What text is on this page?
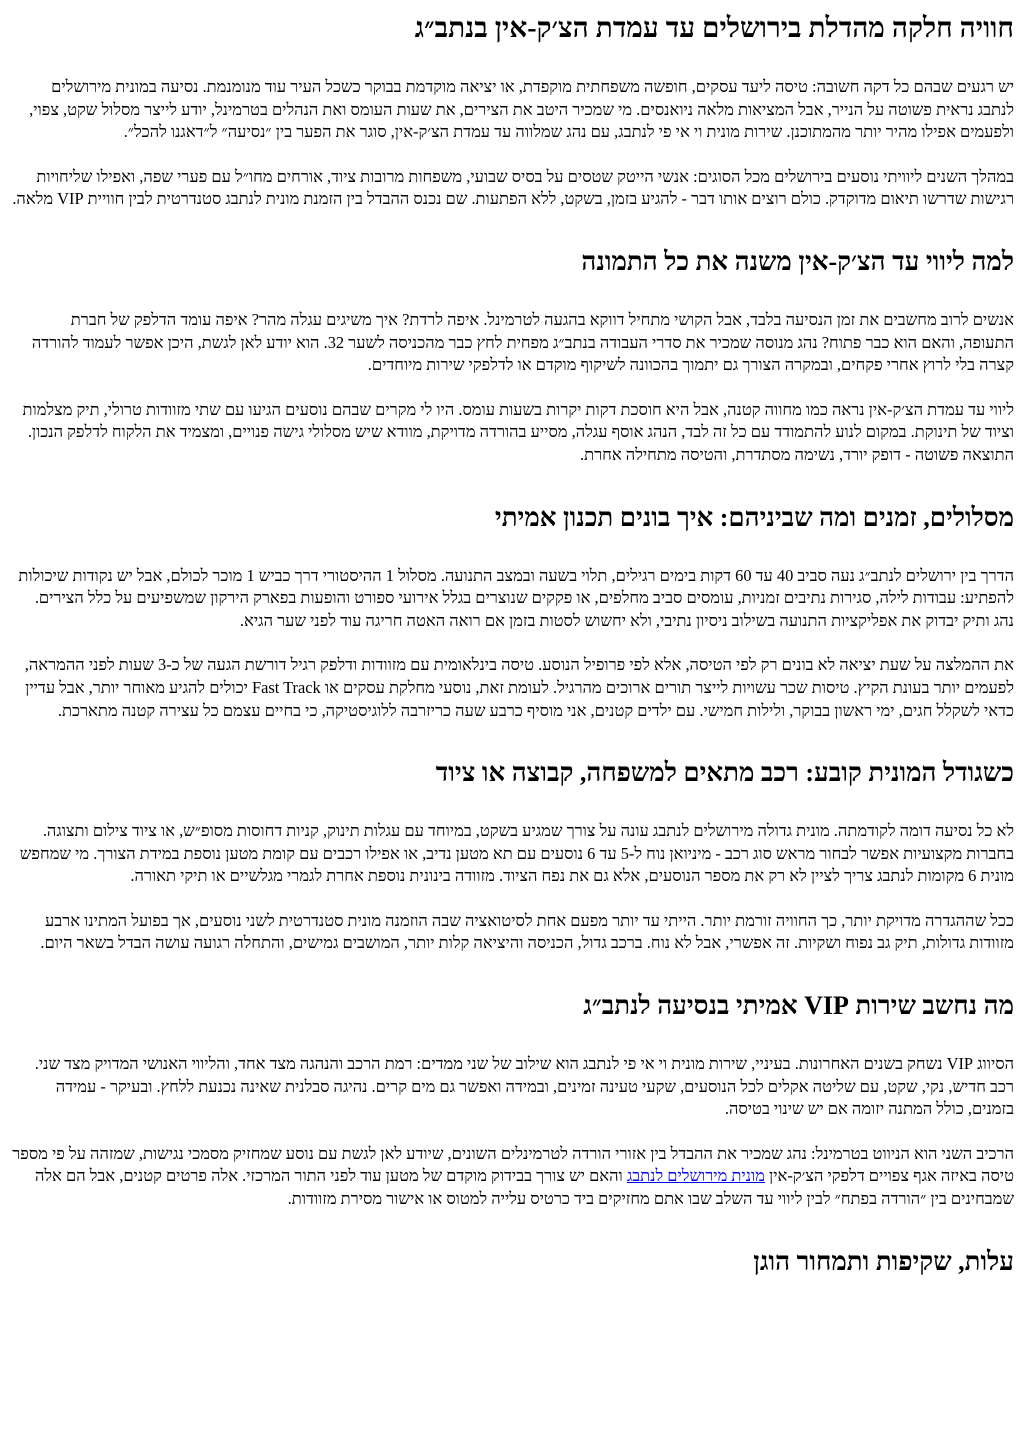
חוויה חלקה מהדלת בירושלים עד עמדת הצ׳ק-אין בנתב״ג

יש רגעים שבהם כל דקה חשובה: טיסה ליעד עסקים, חופשה משפחתית מוקפדת, או יציאה מוקדמת בבוקר כשכל העיר עוד מנומנמת. נסיעה במונית מירושלים לנתבג נראית פשוטה על הנייר, אבל המציאות מלאה ניואנסים. מי שמכיר היטב את הצירים, את שעות העומס ואת הנהלים בטרמינל, יודע לייצר מסלול שקט, צפוי, ולפעמים אפילו מהיר יותר מהמתוכנן. שירות מונית וי אי פי לנתבג, עם נהג שמלווה עד עמדת הצ׳ק-אין, סוגר את הפער בין ״נסיעה״ ל״דאגנו להכל״.

במהלך השנים ליוויתי נוסעים בירושלים מכל הסוגים: אנשי הייטק שטסים על בסיס שבועי, משפחות מרובות ציוד, אורחים מחו״ל עם פערי שפה, ואפילו שליחויות רגישות שדרשו תיאום מדוקדק. כולם רוצים אותו דבר - להגיע בזמן, בשקט, ללא הפתעות. שם נכנס ההבדל בין הזמנת מונית לנתבג סטנדרטית לבין חוויית VIP מלאה.

למה ליווי עד הצ׳ק-אין משנה את כל התמונה

אנשים לרוב מחשבים את זמן הנסיעה בלבד, אבל הקושי מתחיל דווקא בהגעה לטרמינל. איפה לרדת? איך משיגים עגלה מהר? איפה עומד הדלפק של חברת התעופה, והאם הוא כבר פתוח? נהג מנוסה שמכיר את סדרי העבודה בנתב״ג מפחית לחץ כבר מהכניסה לשער 32. הוא יודע לאן לגשת, היכן אפשר לעמוד להורדה קצרה בלי לרוץ אחרי פקחים, ובמקרה הצורך גם יתמוך בהכוונה לשיקוף מוקדם או לדלפקי שירות מיוחדים.

ליווי עד עמדת הצ׳ק-אין נראה כמו מחווה קטנה, אבל היא חוסכת דקות יקרות בשעות עומס. היו לי מקרים שבהם נוסעים הגיעו עם שתי מזוודות טרולי, תיק מצלמות וציוד של תינוקת. במקום לנוע להתמודד עם כל זה לבד, הנהג אוסף עגלה, מסייע בהורדה מדויקת, מוודא שיש מסלולי גישה פנויים, ומצמיד את הלקוח לדלפק הנכון. התוצאה פשוטה - דופק יורד, נשימה מסתדרת, והטיסה מתחילה אחרת.

מסלולים, זמנים ומה שביניהם: איך בונים תכנון אמיתי

הדרך בין ירושלים לנתב״ג נעה סביב 40 עד 60 דקות בימים רגילים, תלוי בשעה ובמצב התנועה. מסלול 1 ההיסטורי דרך כביש 1 מוכר לכולם, אבל יש נקודות שיכולות להפתיע: עבודות לילה, סגירות נתיבים זמניות, עומסים סביב מחלפים, או פקקים שנוצרים בגלל אירועי ספורט והופעות בפארק הירקון שמשפיעים על כלל הצירים. נהג ותיק יבדוק את אפליקציות התנועה בשילוב ניסיון נתיבי, ולא יחשוש לסטות בזמן אם רואה האטה חריגה עוד לפני שער הגיא.

את ההמלצה על שעת יציאה לא בונים רק לפי הטיסה, אלא לפי פרופיל הנוסע. טיסה בינלאומית עם מזוודות ודלפק רגיל דורשת הגעה של כ-3 שעות לפני ההמראה, לפעמים יותר בעונת הקיץ. טיסות שכר עשויות לייצר תורים ארוכים מהרגיל. לעומת זאת, נוסעי מחלקת עסקים או Fast Track יכולים להגיע מאוחר יותר, אבל עדיין כדאי לשקלל חגים, ימי ראשון בבוקר, ולילות חמישי. עם ילדים קטנים, אני מוסיף כרבע שעה כריזרבה ללוגיסטיקה, כי בחיים עצמם כל עצירה קטנה מתארכת.

כשגודל המונית קובע: רכב מתאים למשפחה, קבוצה או ציוד

לא כל נסיעה דומה לקודמתה. מונית גדולה מירושלים לנתבג עונה על צורך שמגיע בשקט, במיוחד עם עגלות תינוק, קניות דחוסות מסופ״ש, או ציוד צילום ותצוגה. בחברות מקצועיות אפשר לבחור מראש סוג רכב - מיניואן נוח ל-5 עד 6 נוסעים עם תא מטען נדיב, או אפילו רכבים עם קומת מטען נוספת במידת הצורך. מי שמחפש מונית 6 מקומות לנתבג צריך לציין לא רק את מספר הנוסעים, אלא גם את נפח הציוד. מזוודה בינונית נוספת אחרת לגמרי מגלשיים או תיקי תאורה.

ככל שההגדרה מדויקת יותר, כך החוויה זורמת יותר. הייתי עד יותר מפעם אחת לסיטואציה שבה הוזמנה מונית סטנדרטית לשני נוסעים, אך בפועל המתינו ארבע מזוודות גדולות, תיק גב נפוח ושקיות. זה אפשרי, אבל לא נוח. ברכב גדול, הכניסה והיציאה קלות יותר, המושבים גמישים, והתחלה רגועה עושה הבדל בשאר היום.

מה נחשב שירות VIP אמיתי בנסיעה לנתב״ג

הסיווג VIP נשחק בשנים האחרונות. בעיניי, שירות מונית וי אי פי לנתבג הוא שילוב של שני ממדים: רמת הרכב והנהגה מצד אחד, והליווי האנושי המדויק מצד שני. רכב חדיש, נקי, שקט, עם שליטה אקלים לכל הנוסעים, שקעי טעינה זמינים, ובמידה ואפשר גם מים קרים. נהיגה סבלנית שאינה נכנעת ללחץ. ובעיקר - עמידה בזמנים, כולל המתנה יזומה אם יש שינוי בטיסה.

הרכיב השני הוא הניווט בטרמינל: נהג שמכיר את ההבדל בין אזורי הורדה לטרמינלים השונים, שיודע לאן לגשת עם נוסע שמחזיק מסמכי נגישות, שמזהה על פי מספר טיסה באיזה אגף צפויים דלפקי הצ׳ק-אין מונית מירושלים לנתבג והאם יש צורך בבידוק מוקדם של מטען עוד לפני התור המרכזי. אלה פרטים קטנים, אבל הם אלה שמבחינים בין ״הורדה בפתח״ לבין ליווי עד השלב שבו אתם מחזיקים ביד כרטיס עלייה למטוס או אישור מסירת מזוודות.

עלות, שקיפות ותמחור הוגן
